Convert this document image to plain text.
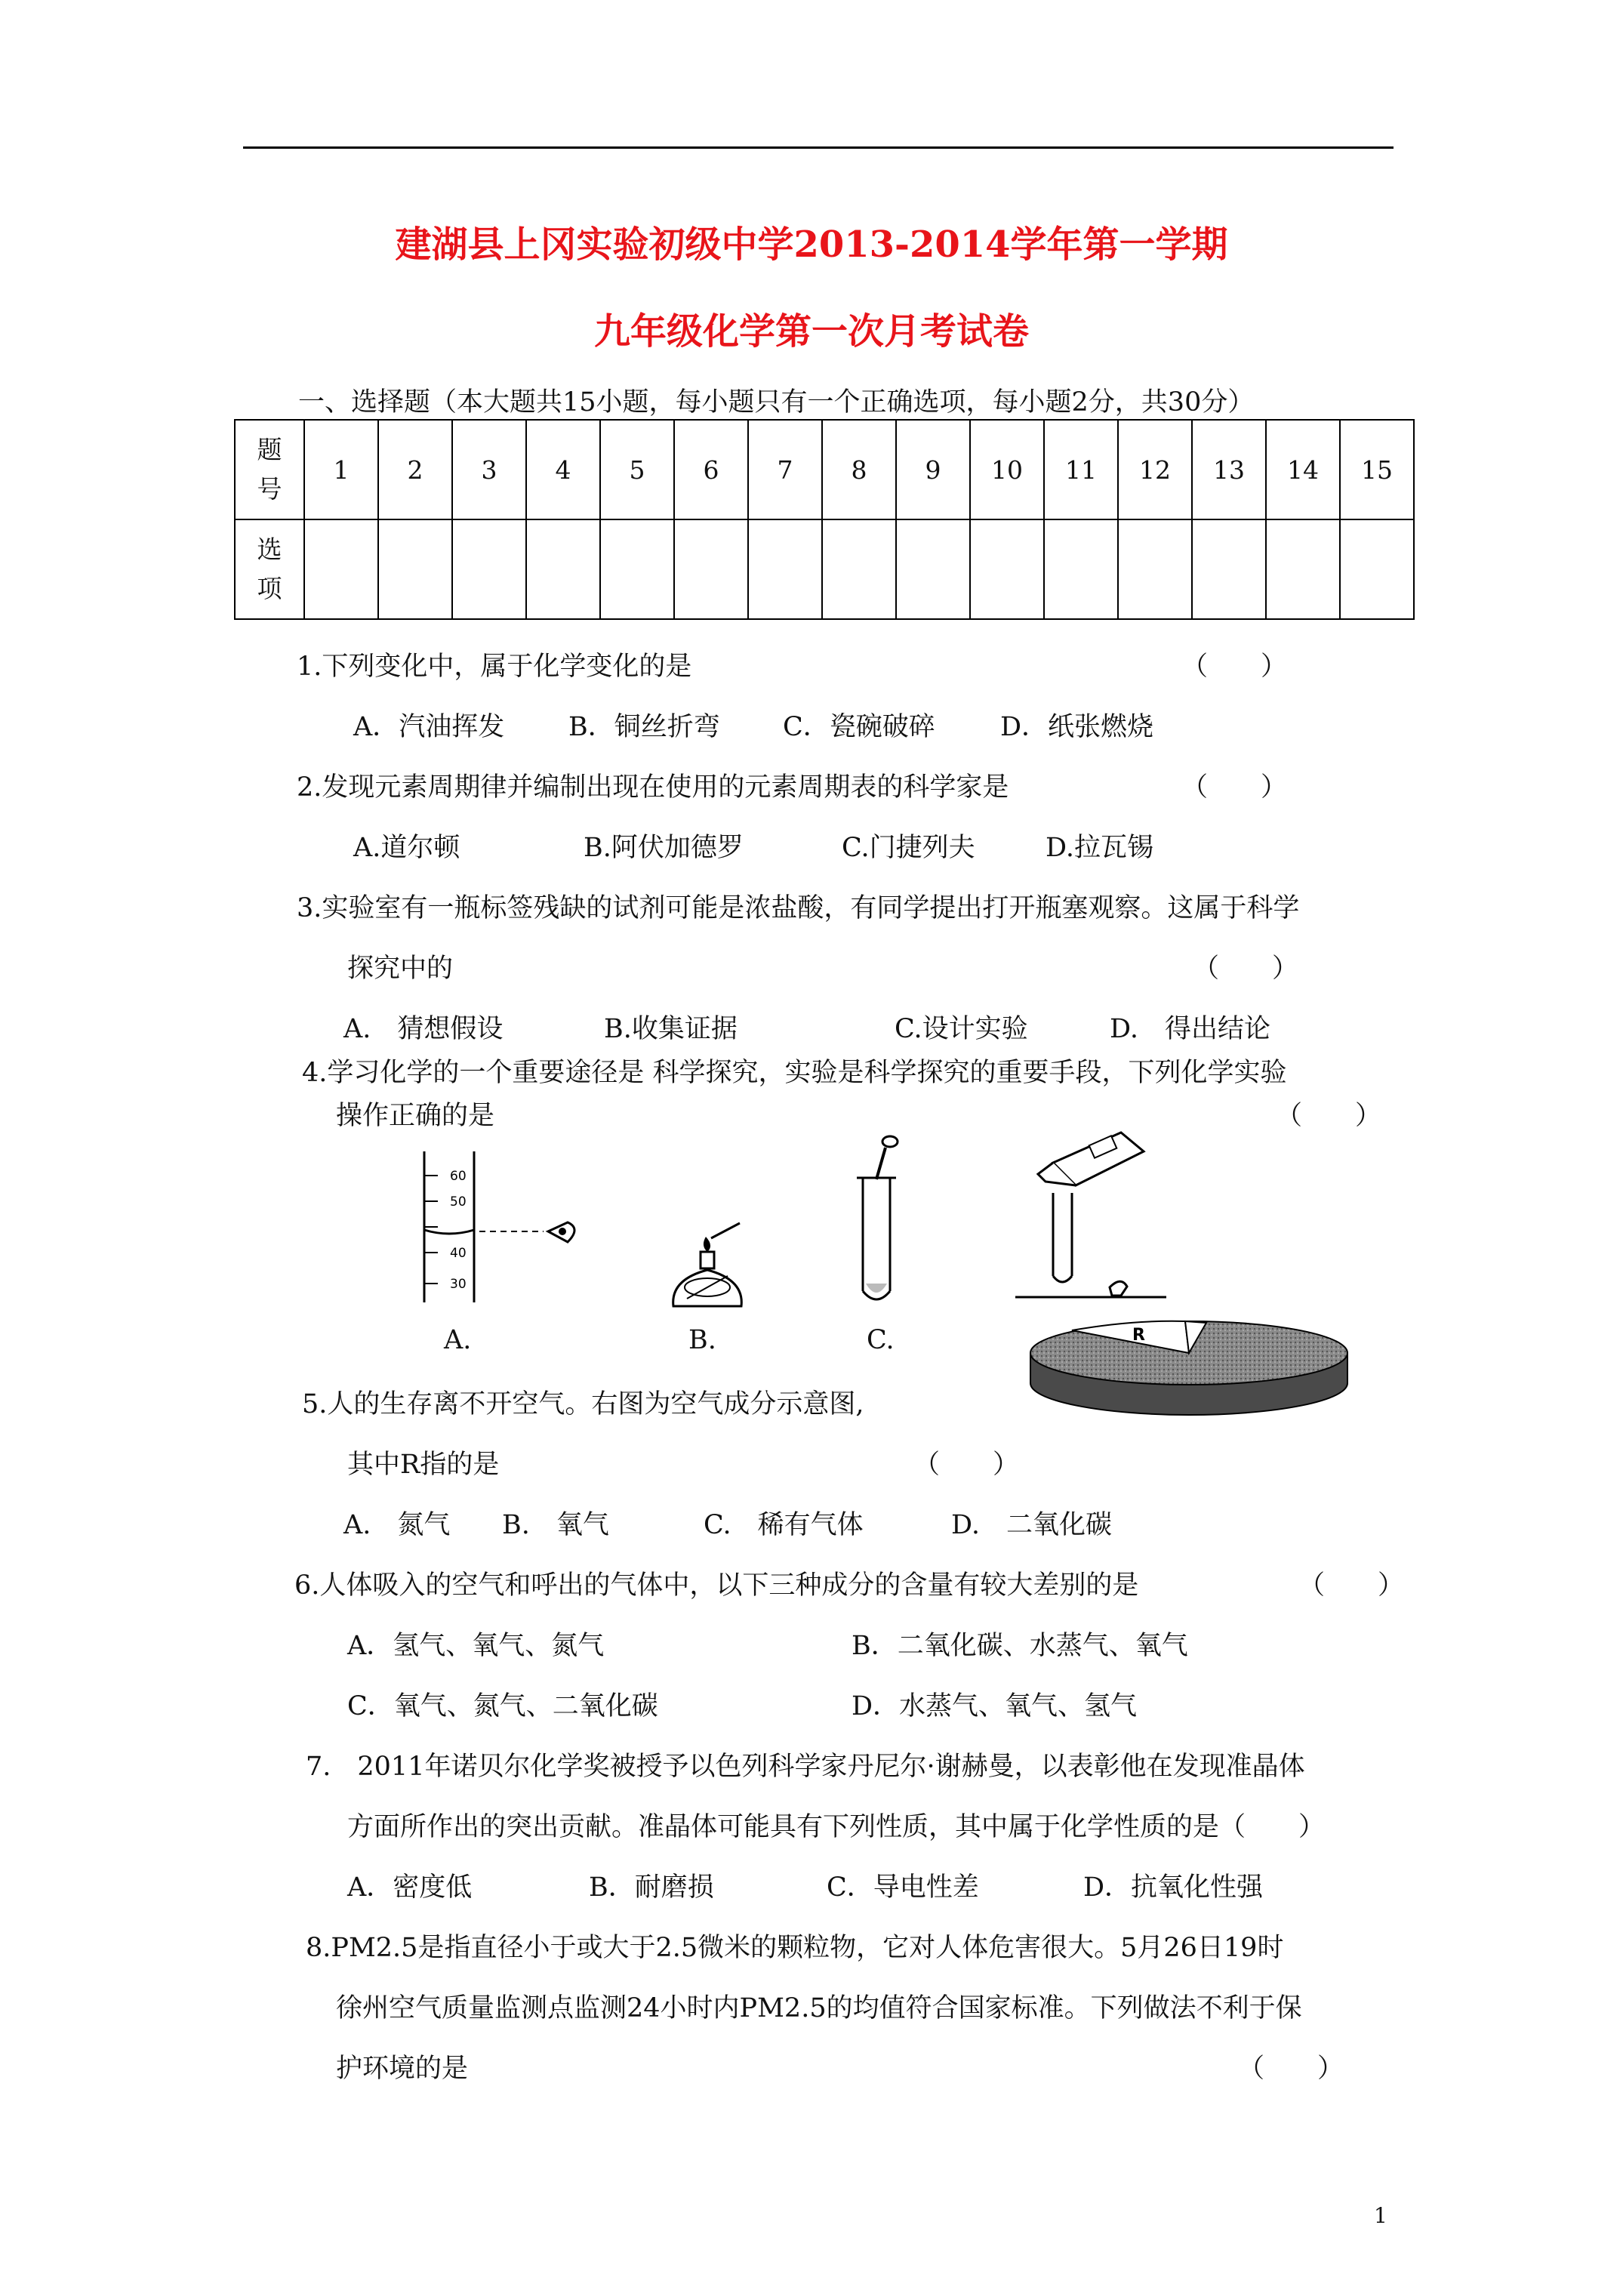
建湖县上冈实验初级中学2013-2014学年第一学期
九年级化学第一次月考试卷
一、选择题（本大题共15小题，每小题只有一个正确选项，每小题2分，共30分）
题号	1	2	3	4	5	6	7	8	9	10	11	12	13	14	15
选项															
1.下列变化中，属于化学变化的是	（　　）
A．汽油挥发 B．铜丝折弯 C．瓷碗破碎 D．纸张燃烧
2.发现元素周期律并编制出现在使用的元素周期表的科学家是	（　　）
A.道尔顿	B.阿伏加德罗	C.门捷列夫	D.拉瓦锡
3.实验室有一瓶标签残缺的试剂可能是浓盐酸，有同学提出打开瓶塞观察。这属于科学
探究中的	（　　）
A.　猜想假设	B.收集证据	C.设计实验	D.　得出结论
4.学习化学的一个重要途径是 科学探究，实验是科学探究的重要手段，下列化学实验
操作正确的是	（　　）
60
50
40
30
A.	B.	C.	R
5.人的生存离不开空气。右图为空气成分示意图,
其中R指的是	（　　）
A.　氮气 B.　氧气	C.　稀有气体	D.　二氧化碳
6.人体吸入的空气和呼出的气体中，以下三种成分的含量有较大差别的是	（　　）
A．氢气、氧气、氮气	B．二氧化碳、水蒸气、氧气
C．氧气、氮气、二氧化碳	D．水蒸气、氧气、氢气
7.　2011年诺贝尔化学奖被授予以色列科学家丹尼尔·谢赫曼，以表彰他在发现准晶体
方面所作出的突出贡献。准晶体可能具有下列性质，其中属于化学性质的是（　　）
A．密度低	B．耐磨损	C．导电性差	D．抗氧化性强
8.PM2.5是指直径小于或大于2.5微米的颗粒物，它对人体危害很大。5月26日19时
徐州空气质量监测点监测24小时内PM2.5的均值符合国家标准。下列做法不利于保
护环境的是	（　　）
1
